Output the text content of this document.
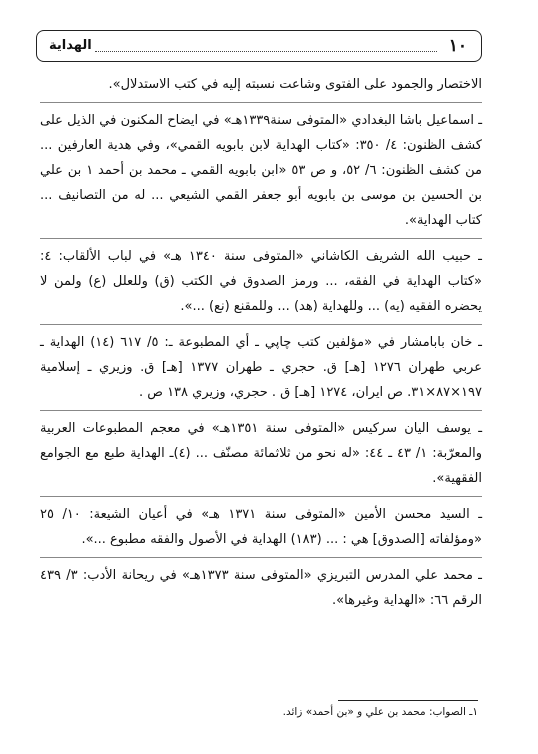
١٠
الهداية

الاختصار والجمود على الفتوى وشاعت نسبته إليه في كتب الاستدلال».

ـ اسماعيل باشا البغدادي «المتوفى سنة١٣٣٩هـ» في ايضاح المكنون في الذيل على كشف الظنون: ٤/ ٣٥٠: «كتاب الهداية لابن بابويه القمي»، وفي هدية العارفين ... من كشف الظنون: ٦/ ٥٢، و ص ٥٣ «ابن بابويه القمي ـ محمد بن أحمد ١ بن علي بن الحسين بن موسى بن بابويه أبو جعفر القمي الشيعي ... له من التصانيف ... كتاب الهداية».

ـ حبيب الله الشريف الكاشاني «المتوفى سنة ١٣٤٠ هـ» في لباب الألقاب: ٤: «كتاب الهداية في الفقه، ... ورمز الصدوق في الكتب (ق) وللعلل (ع) ولمن لا يحضره الفقيه (يه) ... وللهداية (هد) ... وللمقنع (نع) ...».

ـ خان بابامشار في «مؤلفين كتب چاپي ـ أي المطبوعة ـ: ٥/ ٦١٧ (١٤) الهداية ـ عربي طهران ١٢٧٦ [هـ] ق. حجري ـ طهران ١٣٧٧ [هـ] ق. وزيري ـ إسلامية ١٩٧×٨٧×٣١. ص ايران، ١٢٧٤ [هـ] ق . حجري، وزيري ١٣٨ ص .

ـ يوسف اليان سركيس «المتوفى سنة ١٣٥١هـ» في معجم المطبوعات العربية والمعرّبة: ١/ ٤٣ ـ ٤٤: «له نحو من ثلاثمائة مصنّف ... (٤)ـ الهداية طبع مع الجوامع الفقهية».

ـ السيد محسن الأمين «المتوفى سنة ١٣٧١ هـ» في أعيان الشيعة: ١٠/ ٢٥ «ومؤلفاته [الصدوق] هي : ... (١٨٣) الهداية في الأصول والفقه مطبوع ...».

ـ محمد علي المدرس التبريزي «المتوفى سنة ١٣٧٣هـ» في ريحانة الأدب: ٣/ ٤٣٩ الرقم ٦٦: «الهداية وغيرها».

١ـ الصواب: محمد بن علي و «بن أحمد» زائد.
